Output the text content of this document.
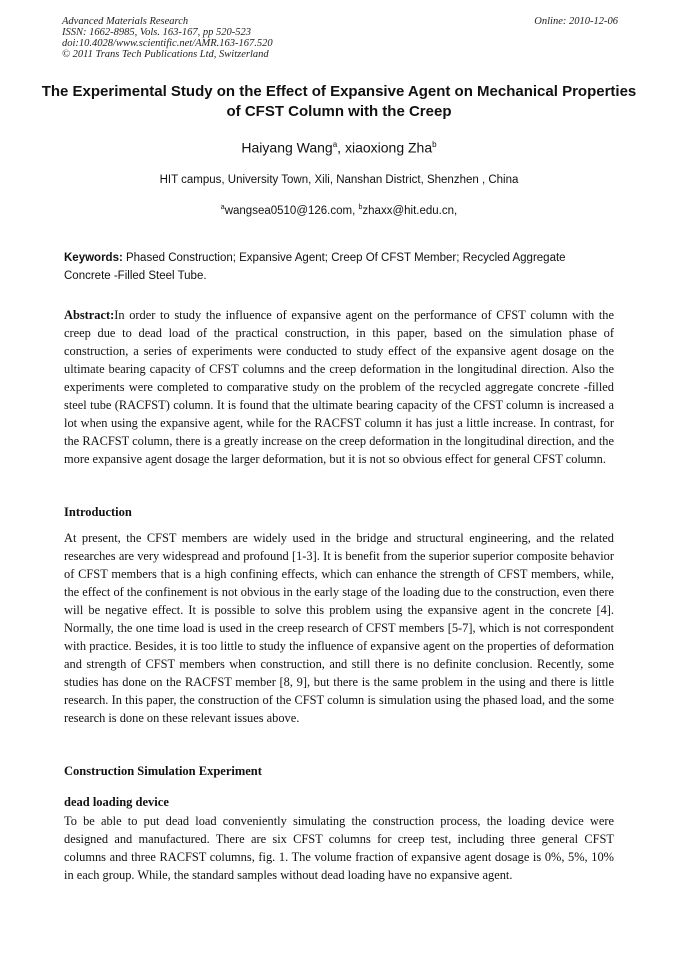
Advanced Materials Research
ISSN: 1662-8985, Vols. 163-167, pp 520-523
doi:10.4028/www.scientific.net/AMR.163-167.520
© 2011 Trans Tech Publications Ltd, Switzerland
Online: 2010-12-06
The Experimental Study on the Effect of Expansive Agent on Mechanical Properties of CFST Column with the Creep
Haiyang Wang$^a$, xiaoxiong Zha$^b$
HIT campus, University Town, Xili, Nanshan District, Shenzhen , China
$^a$wangsea0510@126.com, $^b$zhaxx@hit.edu.cn,
Keywords: Phased Construction; Expansive Agent; Creep Of CFST Member; Recycled Aggregate Concrete -Filled Steel Tube.
Abstract:In order to study the influence of expansive agent on the performance of CFST column with the creep due to dead load of the practical construction, in this paper, based on the simulation phase of construction, a series of experiments were conducted to study effect of the expansive agent dosage on the ultimate bearing capacity of CFST columns and the creep deformation in the longitudinal direction. Also the experiments were completed to comparative study on the problem of the recycled aggregate concrete -filled steel tube (RACFST) column. It is found that the ultimate bearing capacity of the CFST column is increased a lot when using the expansive agent, while for the RACFST column it has just a little increase. In contrast, for the RACFST column, there is a greatly increase on the creep deformation in the longitudinal direction, and the more expansive agent dosage the larger deformation, but it is not so obvious effect for general CFST column.
Introduction
At present, the CFST members are widely used in the bridge and structural engineering, and the related researches are very widespread and profound [1-3]. It is benefit from the superior superior composite behavior of CFST members that is a high confining effects, which can enhance the strength of CFST members, while, the effect of the confinement is not obvious in the early stage of the loading due to the construction, even there will be negative effect. It is possible to solve this problem using the expansive agent in the concrete [4]. Normally, the one time load is used in the creep research of CFST members [5-7], which is not correspondent with practice. Besides, it is too little to study the influence of expansive agent on the properties of deformation and strength of CFST members when construction, and still there is no definite conclusion. Recently, some studies has done on the RACFST member [8, 9], but there is the same problem in the using and there is little research. In this paper, the construction of the CFST column is simulation using the phased load, and the some research is done on these relevant issues above.
Construction Simulation Experiment
dead loading device
To be able to put dead load conveniently simulating the construction process, the loading device were designed and manufactured. There are six CFST columns for creep test, including three general CFST columns and three RACFST columns, fig. 1. The volume fraction of expansive agent dosage is 0%, 5%, 10% in each group. While, the standard samples without dead loading have no expansive agent.
